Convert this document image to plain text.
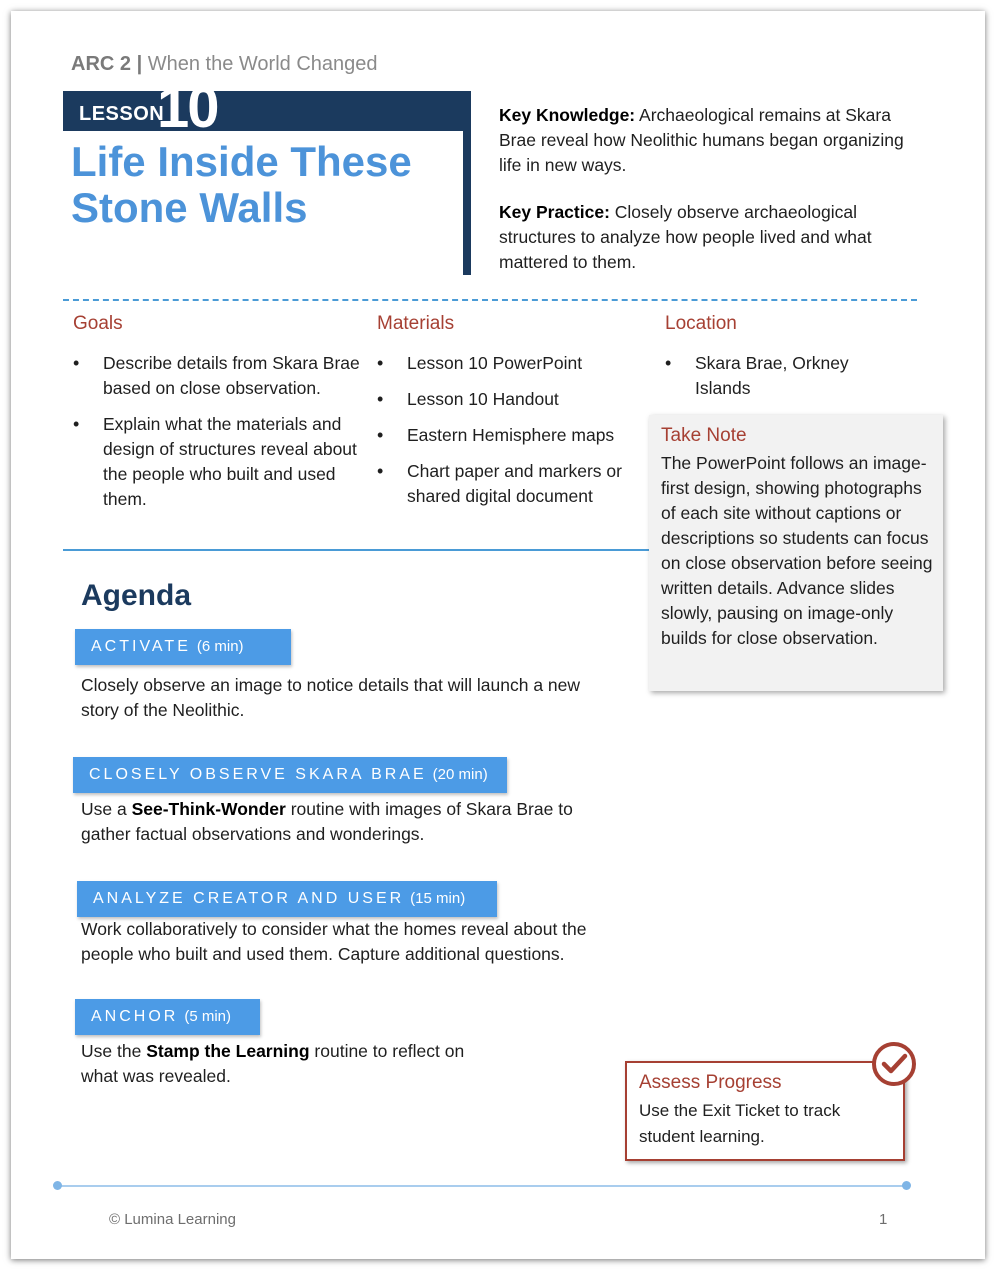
ARC 2 | When the World Changed
LESSON
10
Life Inside These
Stone Walls

Key Knowledge: Archaeological remains at Skara Brae reveal how Neolithic humans began organizing life in new ways.

Key Practice: Closely observe archaeological structures to analyze how people lived and what mattered to them.

Goals
• Describe details from Skara Brae based on close observation.
• Explain what the materials and design of structures reveal about the people who built and used them.
Materials
• Lesson 10 PowerPoint
• Lesson 10 Handout
• Eastern Hemisphere maps
• Chart paper and markers or shared digital document
Location
• Skara Brae, Orkney Islands
Take Note
The PowerPoint follows an image-first design, showing photographs of each site without captions or descriptions so students can focus on close observation before seeing written details. Advance slides slowly, pausing on image-only builds for close observation.
Agenda
ACTIVATE (6 min)
Closely observe an image to notice details that will launch a new story of the Neolithic.
CLOSELY OBSERVE SKARA BRAE (20 min)
Use a See-Think-Wonder routine with images of Skara Brae to gather factual observations and wonderings.
ANALYZE CREATOR AND USER (15 min)
Work collaboratively to consider what the homes reveal about the people who built and used them. Capture additional questions.
ANCHOR (5 min)
Use the Stamp the Learning routine to reflect on what was revealed.	Assess Progress
Use the Exit Ticket to track student learning.
© Lumina Learning	1
